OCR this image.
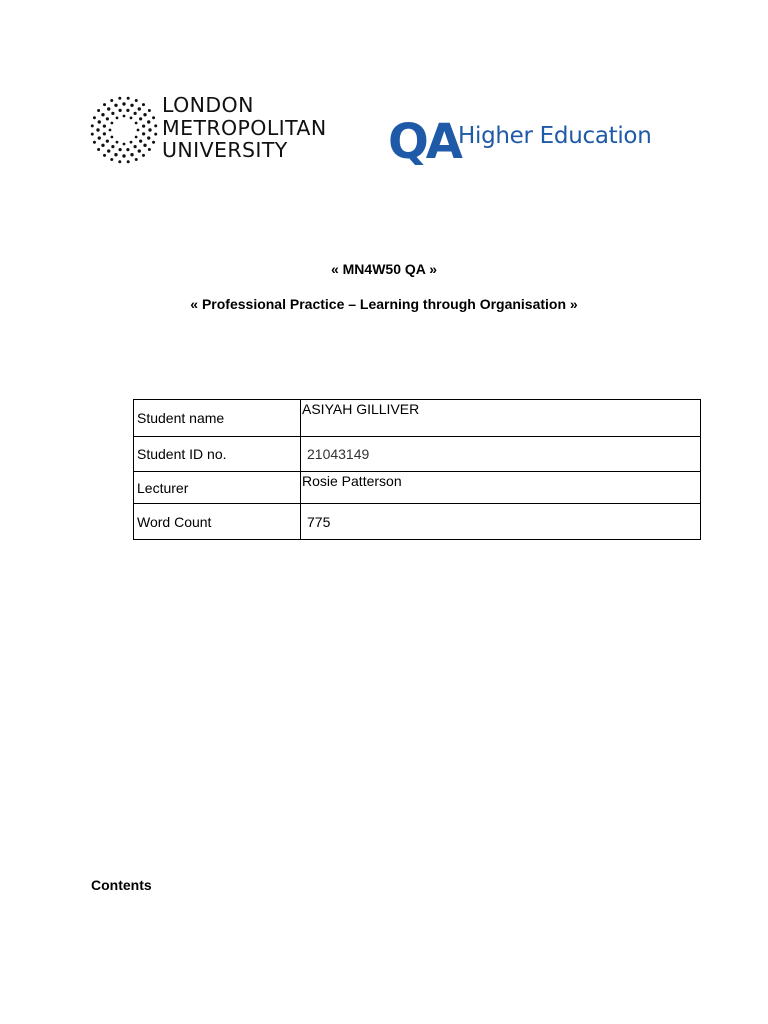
LONDON
METROPOLITAN
UNIVERSITY	QA
Higher Education
« MN4W50 QA »
« Professional Practice – Learning through Organisation »
Student name	ASIYAH GILLIVER

Student ID no.	21043149

Lecturer	Rosie Patterson

Word Count	775
Contents
